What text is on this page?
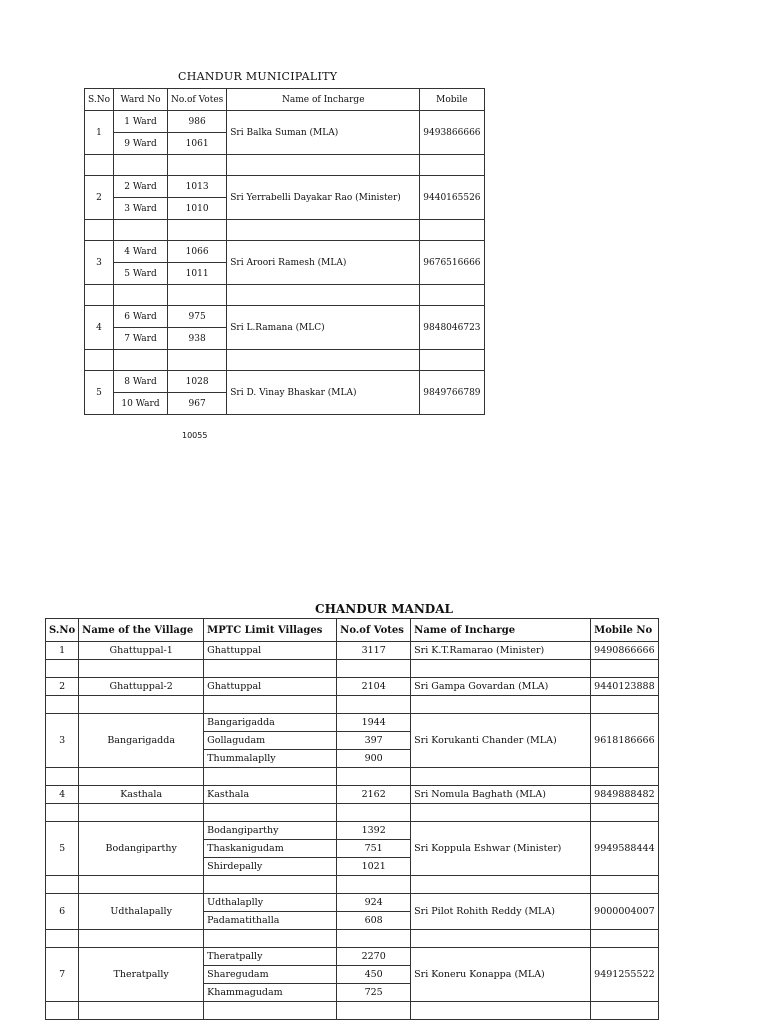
CHANDUR MUNICIPALITY
S.No	Ward No	No.of Votes	Name of Incharge	Mobile
1	1 Ward	986	Sri Balka Suman (MLA)	9493866666
	9 Ward	1061		

2	2 Ward	1013	Sri Yerrabelli Dayakar Rao (Minister)	9440165526
	3 Ward	1010		

3	4 Ward	1066	Sri Aroori Ramesh (MLA)	9676516666
	5 Ward	1011		

4	6 Ward	975	Sri L.Ramana (MLC)	9848046723
	7 Ward	938		

5	8 Ward	1028	Sri D. Vinay Bhaskar (MLA)	9849766789
	10 Ward	967		
10055
CHANDUR MANDAL
S.No	Name of the Village	MPTC Limit Villages	No.of Votes	Name of Incharge	Mobile No
1	Ghattuppal-1	Ghattuppal	3117	Sri K.T.Ramarao (Minister)	9490866666

2	Ghattuppal-2	Ghattuppal	2104	Sri Gampa Govardan (MLA)	9440123888

3	Bangarigadda	Bangarigadda	1944	Sri Korukanti Chander (MLA)	9618186666
		Gollagudam	397		
		Thummalaplly	900		

4	Kasthala	Kasthala	2162	Sri Nomula Baghath (MLA)	9849888482

5	Bodangiparthy	Bodangiparthy	1392	Sri Koppula Eshwar (Minister)	9949588444
		Thaskanigudam	751		
		Shirdepally	1021		

6	Udthalapally	Udthalaplly	924	Sri Pilot Rohith Reddy (MLA)	9000004007
		Padamatithalla	608		

7	Theratpally	Theratpally	2270	Sri Koneru Konappa (MLA)	9491255522
		Sharegudam	450		
		Khammagudam	725		
